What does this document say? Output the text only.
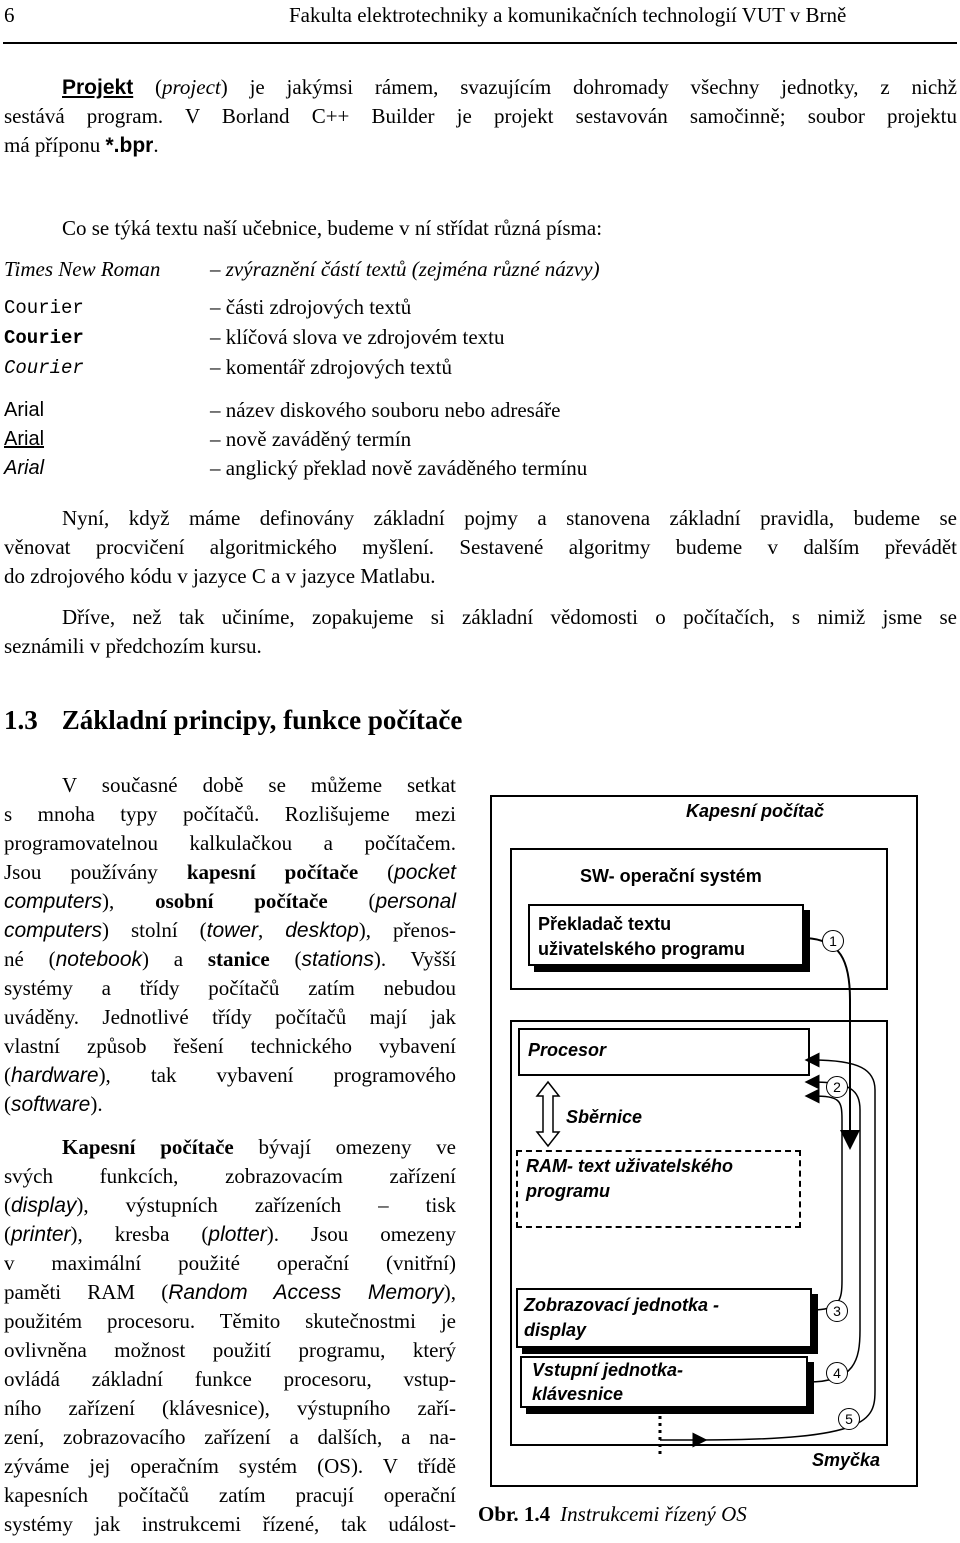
6	Fakulta elektrotechniky a komunikačních technologií VUT v Brně
Projekt (project) je jakýmsi rámem, svazujícím dohromady všechny jednotky, z nichž
sestává program. V Borland C++ Builder je projekt sestavován samočinně; soubor projektu
má příponu *.bpr.
Co se týká textu naší učebnice, budeme v ní střídat různá písma:
Times New Roman – zvýraznění částí textů (zejména různé názvy)
Courier	– části zdrojových textů
Courier	– klíčová slova ve zdrojovém textu
Courier	– komentář zdrojových textů
Arial	– název diskového souboru nebo adresáře
Arial	– nově zaváděný termín
Arial	– anglický překlad nově zaváděného termínu
Nyní, když máme definovány základní pojmy a stanovena základní pravidla, budeme se
věnovat procvičení algoritmického myšlení. Sestavené algoritmy budeme v dalším převádět
do zdrojového kódu v jazyce C a v jazyce Matlabu.
Dříve, než tak učiníme, zopakujeme si základní vědomosti o počítačích, s nimiž jsme se
seznámili v předchozím kursu.
1.3 Základní principy, funkce počítače
V současné době se můžeme setkat
s mnoha typy počítačů. Rozlišujeme mezi
programovatelnou kalkulačkou a počítačem.
Jsou používány kapesní počítače (pocket
computers), osobní počítače (personal
computers) stolní (tower, desktop), přenos-
né (notebook) a stanice (stations). Vyšší
systémy a třídy počítačů zatím nebudou
uváděny. Jednotlivé třídy počítačů mají jak
vlastní způsob řešení technického vybavení
(hardware), tak vybavení programového
(software).
Kapesní počítače bývají omezeny ve
svých funkcích, zobrazovacím zařízení
(display), výstupních zařízeních – tisk
(printer), kresba (plotter). Jsou omezeny
v maximální použité operační (vnitřní)
paměti RAM (Random Access Memory),
použitém procesoru. Těmito skutečnostmi je
ovlivněna možnost použití programu, který
ovládá základní funkce procesoru, vstup-
ního zařízení (klávesnice), výstupního zaří-
zení, zobrazovacího zařízení a dalších, a na-
zýváme jej operačním systém (OS). V třídě
kapesních počítačů zatím pracují operační
systémy jak instrukcemi řízené, tak událost-
Kapesní počítač
SW- operační systém
Překladač textu
uživatelského programu
Procesor
Sběrnice
RAM- text uživatelského
programu
Zobrazovací jednotka -
display
Vstupní jednotka-
klávesnice
1
2
3
4
5
Smyčka
Obr. 1.4 Instrukcemi řízený OS
